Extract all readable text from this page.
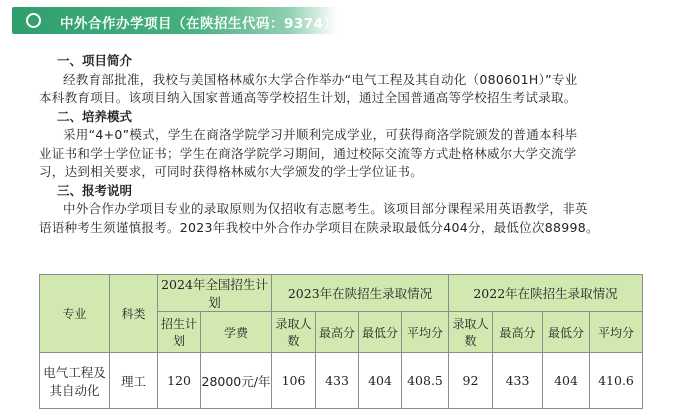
中外合作办学项目（在陕招生代码：9374）
一、项目简介

经教育部批准，我校与美国格林威尔大学合作举办“电气工程及其自动化（080601H）”专业

本科教育项目。该项目纳入国家普通高等学校招生计划，通过全国普通高等学校招生考试录取。

二、培养模式

采用“4+0”模式，学生在商洛学院学习并顺利完成学业，可获得商洛学院颁发的普通本科毕

业证书和学士学位证书；学生在商洛学院学习期间，通过校际交流等方式赴格林威尔大学交流学

习，达到相关要求，可同时获得格林威尔大学颁发的学士学位证书。

三、报考说明

中外合作办学项目专业的录取原则为仅招收有志愿考生。该项目部分课程采用英语教学，非英

语语种考生须谨慎报考。2023年我校中外合作办学项目在陕录取最低分404分，最低位次88998。

专业	科类	2024年全国招生计划		2023年在陕招生录取情况				2022年在陕招生录取情况			
		招生计划	学费	录取人数	最高分	最低分	平均分	录取人数	最高分	最低分	平均分
电气工程及其自动化	理工	120	28000元/年	106	433	404	408.5	92	433	404	410.6
